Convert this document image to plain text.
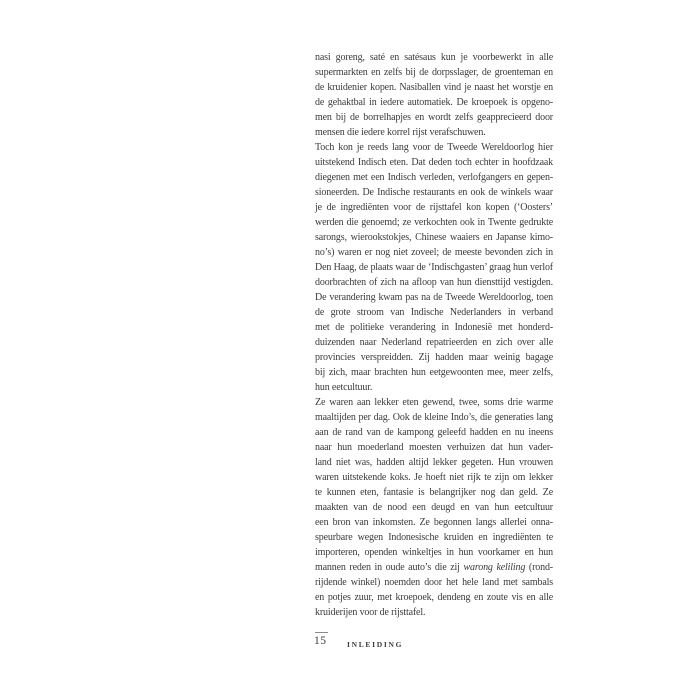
nasi goreng, saté en satésaus kun je voorbewerkt in alle
supermarkten en zelfs bij de dorpsslager, de groenteman en
de kruidenier kopen. Nasiballen vind je naast het worstje en
de gehaktbal in iedere automatiek. De kroepoek is opgeno-
men bij de borrelhapjes en wordt zelfs geapprecieerd door
mensen die iedere korrel rijst verafschuwen.
Toch kon je reeds lang voor de Tweede Wereldoorlog hier
uitstekend Indisch eten. Dat deden toch echter in hoofdzaak
diegenen met een Indisch verleden, verlofgangers en gepen-
sioneerden. De Indische restaurants en ook de winkels waar
je de ingrediënten voor de rijsttafel kon kopen (‘Oosters’
werden die genoemd; ze verkochten ook in Twente gedrukte
sarongs, wierookstokjes, Chinese waaiers en Japanse kimo-
no’s) waren er nog niet zoveel; de meeste bevonden zich in
Den Haag, de plaats waar de ‘Indischgasten’ graag hun verlof
doorbrachten of zich na afloop van hun diensttijd vestigden.
De verandering kwam pas na de Tweede Wereldoorlog, toen
de grote stroom van Indische Nederlanders in verband
met de politieke verandering in Indonesië met honderd-
duizenden naar Nederland repatrieerden en zich over alle
provincies verspreidden. Zij hadden maar weinig bagage
bij zich, maar brachten hun eetgewoonten mee, meer zelfs,
hun eetcultuur.
Ze waren aan lekker eten gewend, twee, soms drie warme
maaltijden per dag. Ook de kleine Indo’s, die generaties lang
aan de rand van de kampong geleefd hadden en nu ineens
naar hun moederland moesten verhuizen dat hun vader-
land niet was, hadden altijd lekker gegeten. Hun vrouwen
waren uitstekende koks. Je hoeft niet rijk te zijn om lekker
te kunnen eten, fantasie is belangrijker nog dan geld. Ze
maakten van de nood een deugd en van hun eetcultuur
een bron van inkomsten. Ze begonnen langs allerlei onna-
speurbare wegen Indonesische kruiden en ingrediënten te
importeren, openden winkeltjes in hun voorkamer en hun
mannen reden in oude auto’s die zij warong keliling (rond-
rijdende winkel) noemden door het hele land met sambals
en potjes zuur, met kroepoek, dendeng en zoute vis en alle
kruiderijen voor de rijsttafel.
15	INLEIDING
